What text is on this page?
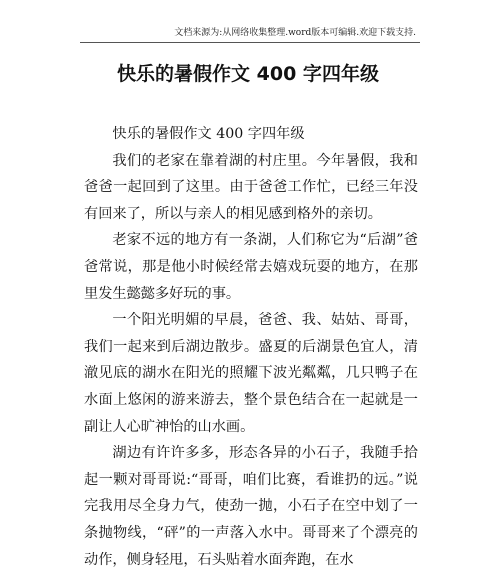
文档来源为:从网络收集整理.word版本可编辑.欢迎下载支持.
快乐的暑假作文 400 字四年级

快乐的暑假作文 400 字四年级

我们的老家在靠着湖的村庄里。今年暑假，我和爸爸一起回到了这里。由于爸爸工作忙，已经三年没有回来了，所以与亲人的相见感到格外的亲切。

老家不远的地方有一条湖，人们称它为“后湖”爸爸常说，那是他小时候经常去嬉戏玩耍的地方，在那里发生懿懿多好玩的事。

一个阳光明媚的早晨，爸爸、我、姑姑、哥哥，我们一起来到后湖边散步。盛夏的后湖景色宜人，清澈见底的湖水在阳光的照耀下波光粼粼，几只鸭子在水面上悠闲的游来游去，整个景色结合在一起就是一副让人心旷神怡的山水画。

湖边有许许多多，形态各异的小石子，我随手拾起一颗对哥哥说:“哥哥，咱们比赛，看谁扔的远。”说完我用尽全身力气，使劲一抛，小石子在空中划了一条抛物线，“砰”的一声落入水中。哥哥来了个漂亮的动作，侧身轻甩，石头贴着水面奔跑，在水
